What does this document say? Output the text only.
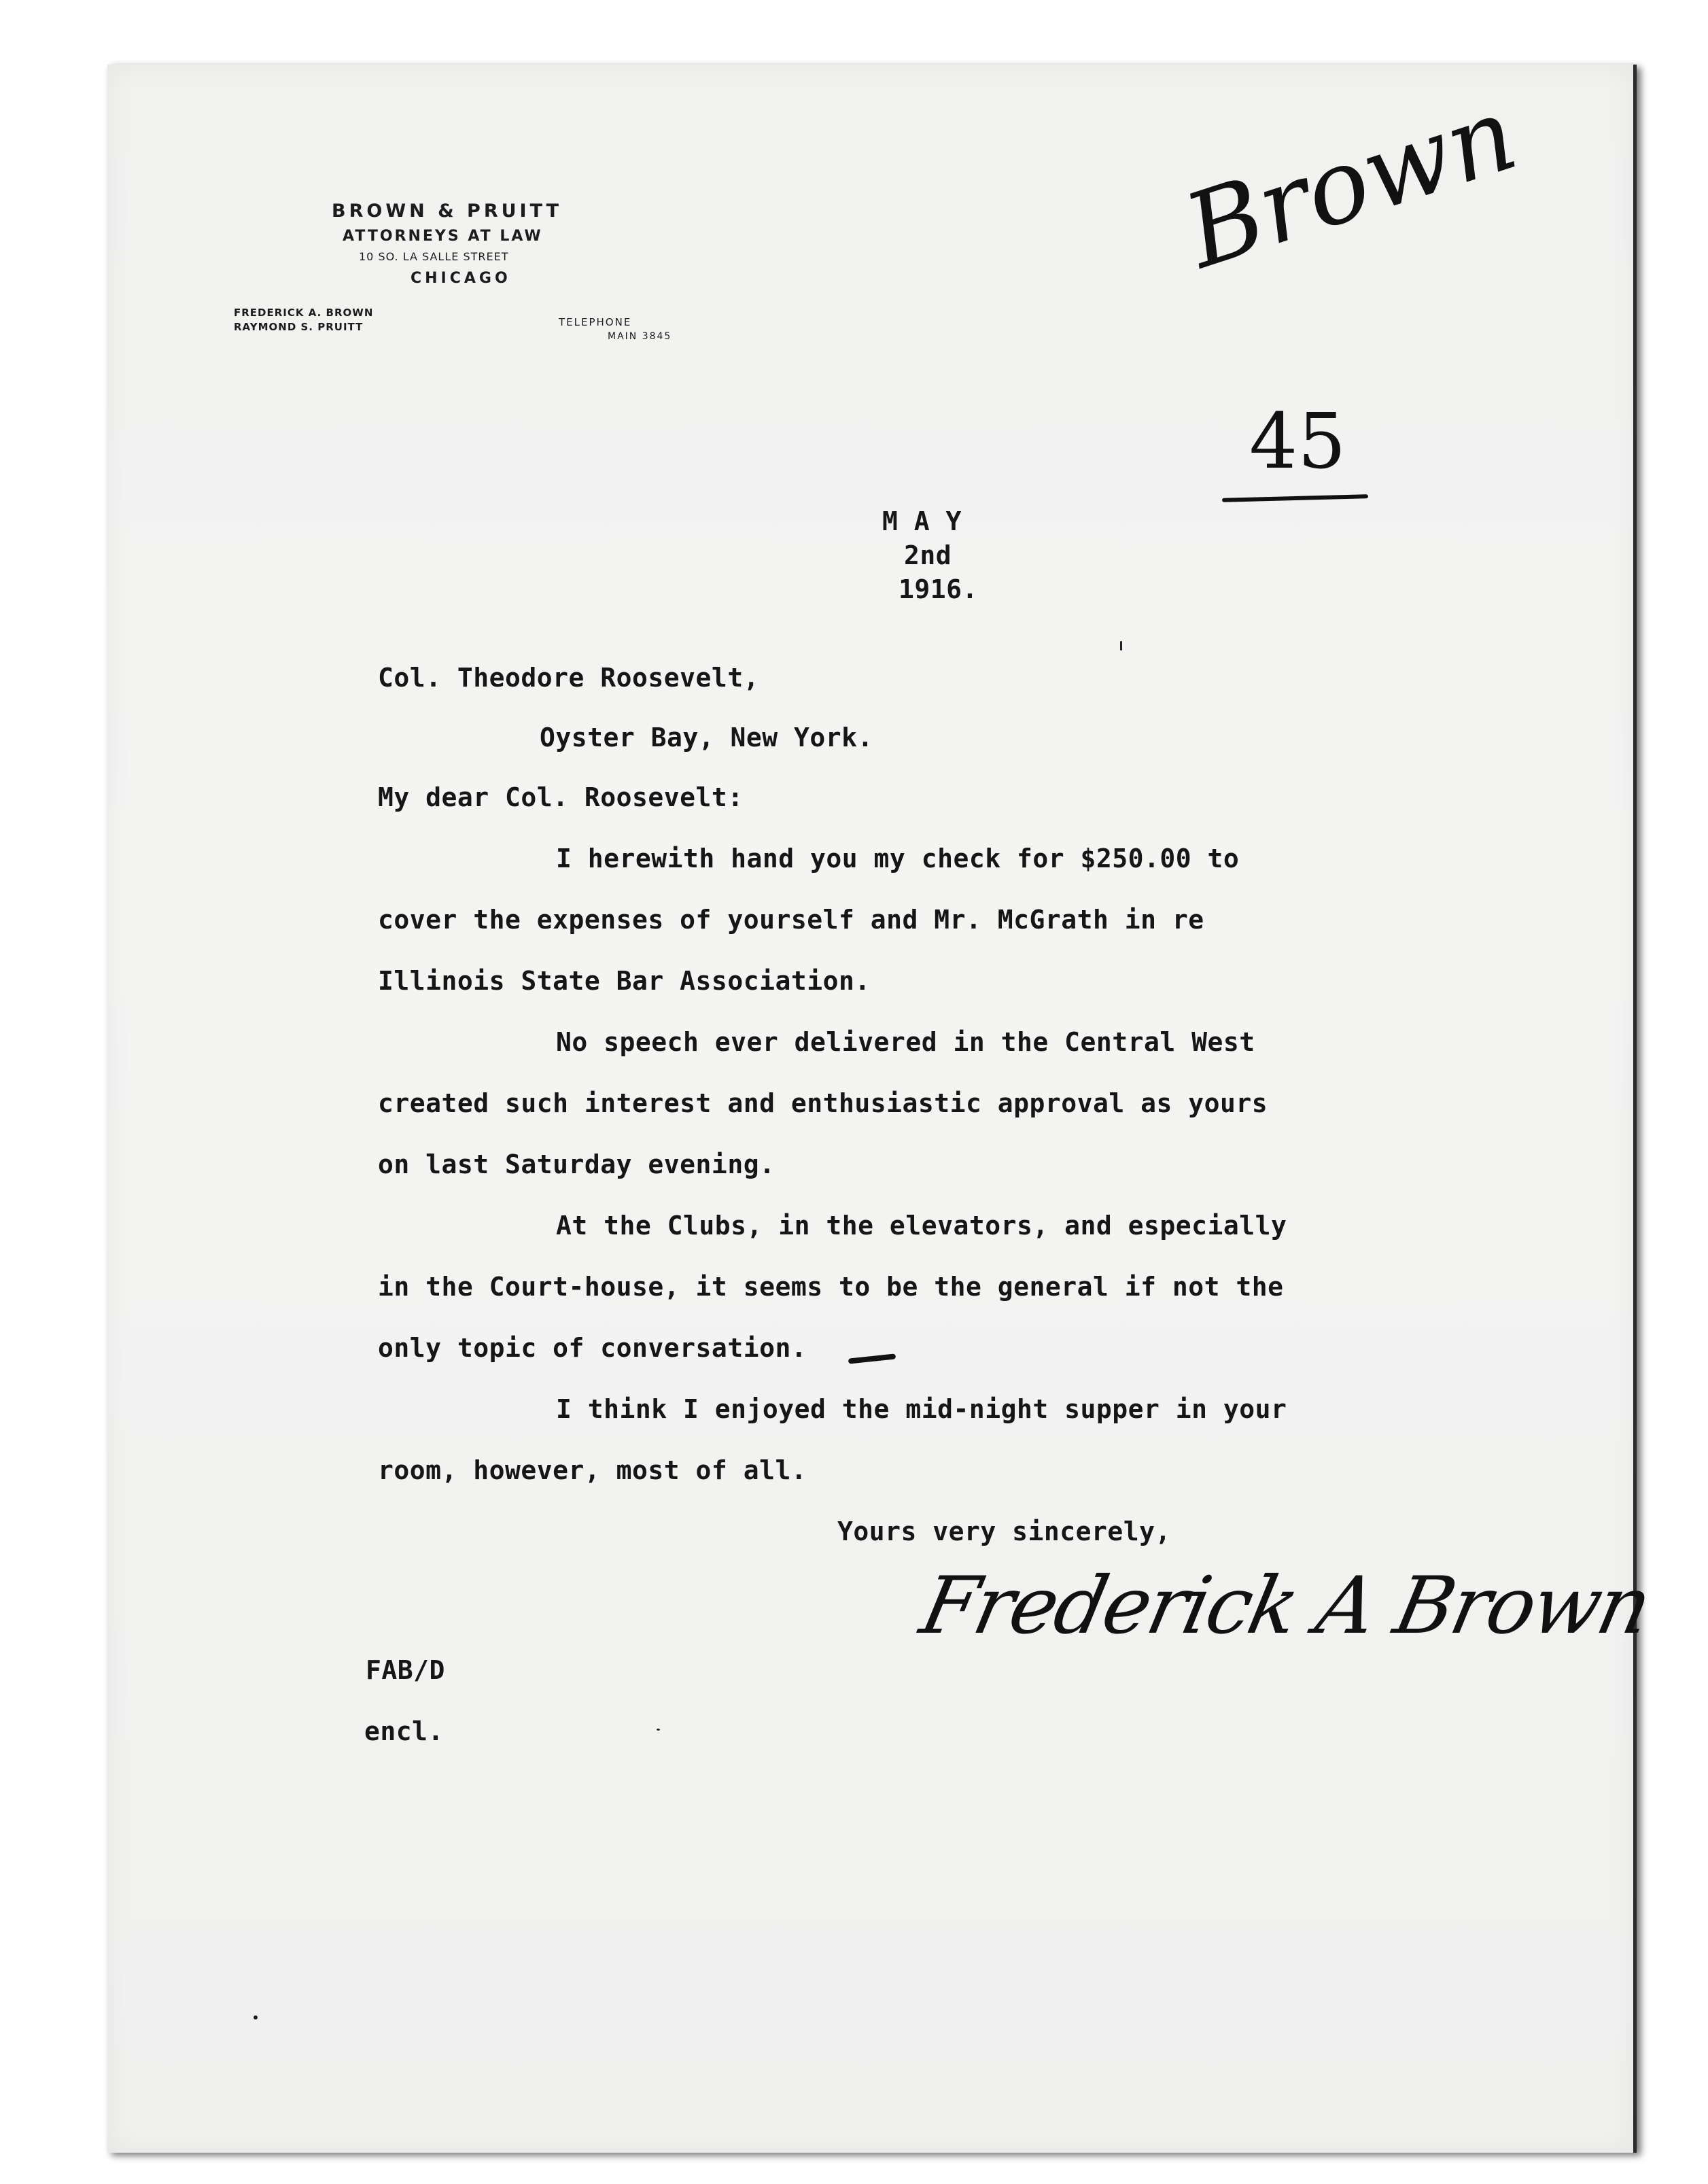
BROWN & PRUITT
ATTORNEYS AT LAW
10 SO. LA SALLE STREET
CHICAGO
FREDERICK A. BROWN
RAYMOND S. PRUITT	TELEPHONE
MAIN 3845
Brown
45
M A Y
2nd
1916.
Col. Theodore Roosevelt,
Oyster Bay, New York.
My dear Col. Roosevelt:
I herewith hand you my check for $250.00 to
cover the expenses of yourself and Mr. McGrath in re
Illinois State Bar Association.
No speech ever delivered in the Central West
created such interest and enthusiastic approval as yours
on last Saturday evening.
At the Clubs, in the elevators, and especially
in the Court-house, it seems to be the general if not the
only topic of conversation.
I think I enjoyed the mid-night supper in your
room, however, most of all.
Yours very sincerely,
Frederick A Brown
FAB/D
encl.
